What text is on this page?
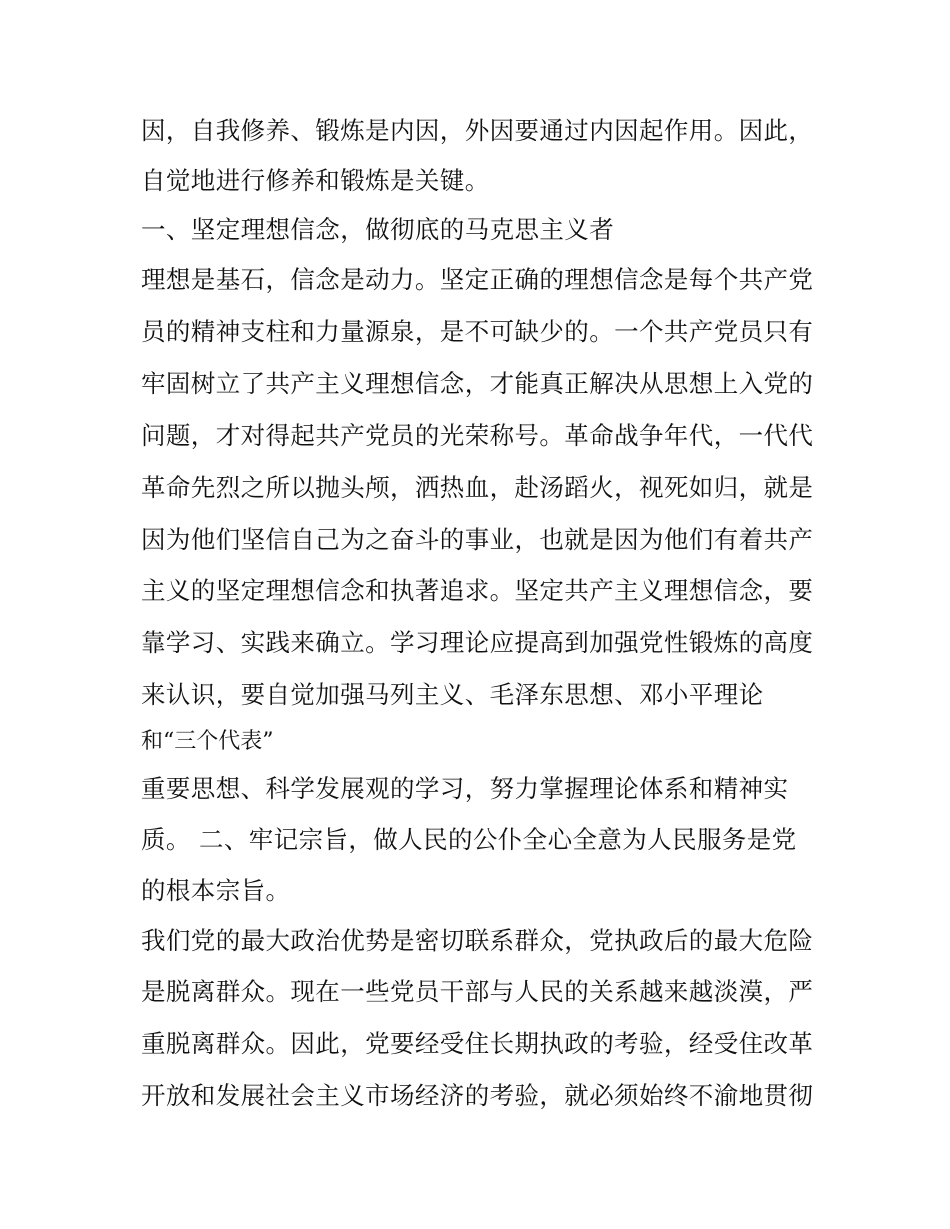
因，自我修养、锻炼是内因，外因要通过内因起作用。因此，
自觉地进行修养和锻炼是关键。
一、坚定理想信念，做彻底的马克思主义者
理想是基石，信念是动力。坚定正确的理想信念是每个共产党
员的精神支柱和力量源泉，是不可缺少的。一个共产党员只有
牢固树立了共产主义理想信念，才能真正解决从思想上入党的
问题，才对得起共产党员的光荣称号。革命战争年代，一代代
革命先烈之所以抛头颅，洒热血，赴汤蹈火，视死如归，就是
因为他们坚信自己为之奋斗的事业，也就是因为他们有着共产
主义的坚定理想信念和执著追求。坚定共产主义理想信念，要
靠学习、实践来确立。学习理论应提高到加强党性锻炼的高度
来认识，要自觉加强马列主义、毛泽东思想、邓小平理论
和“三个代表”
重要思想、科学发展观的学习，努力掌握理论体系和精神实
质。 二、牢记宗旨，做人民的公仆全心全意为人民服务是党
的根本宗旨。
我们党的最大政治优势是密切联系群众，党执政后的最大危险
是脱离群众。现在一些党员干部与人民的关系越来越淡漠，严
重脱离群众。因此，党要经受住长期执政的考验，经受住改革
开放和发展社会主义市场经济的考验，就必须始终不渝地贯彻
